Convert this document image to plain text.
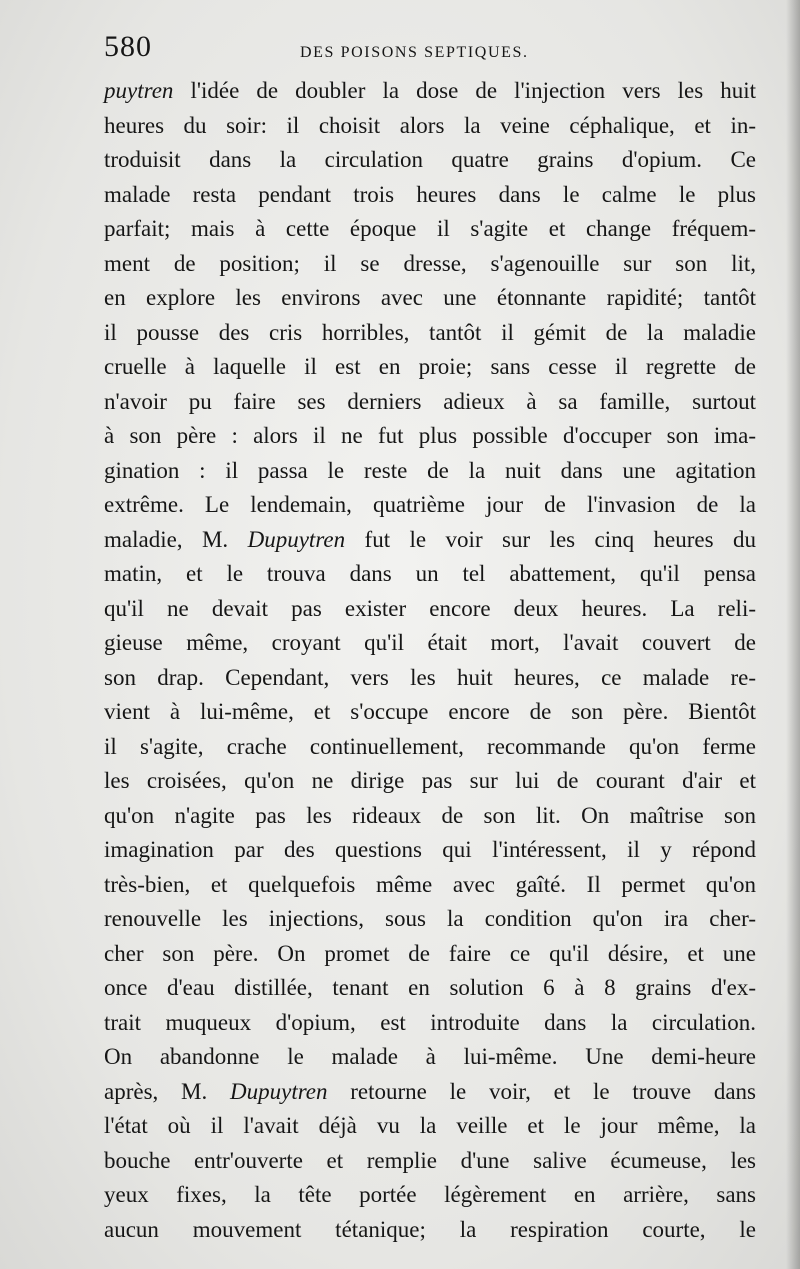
580	DES POISONS SEPTIQUES.
puytren l'idée de doubler la dose de l'injection vers les huit
heures du soir: il choisit alors la veine céphalique, et in-
troduisit dans la circulation quatre grains d'opium. Ce
malade resta pendant trois heures dans le calme le plus
parfait; mais à cette époque il s'agite et change fréquem-
ment de position; il se dresse, s'agenouille sur son lit,
en explore les environs avec une étonnante rapidité; tantôt
il pousse des cris horribles, tantôt il gémit de la maladie
cruelle à laquelle il est en proie; sans cesse il regrette de
n'avoir pu faire ses derniers adieux à sa famille, surtout
à son père : alors il ne fut plus possible d'occuper son ima-
gination : il passa le reste de la nuit dans une agitation
extrême. Le lendemain, quatrième jour de l'invasion de la
maladie, M. Dupuytren fut le voir sur les cinq heures du
matin, et le trouva dans un tel abattement, qu'il pensa
qu'il ne devait pas exister encore deux heures. La reli-
gieuse même, croyant qu'il était mort, l'avait couvert de
son drap. Cependant, vers les huit heures, ce malade re-
vient à lui-même, et s'occupe encore de son père. Bientôt
il s'agite, crache continuellement, recommande qu'on ferme
les croisées, qu'on ne dirige pas sur lui de courant d'air et
qu'on n'agite pas les rideaux de son lit. On maîtrise son
imagination par des questions qui l'intéressent, il y répond
très-bien, et quelquefois même avec gaîté. Il permet qu'on
renouvelle les injections, sous la condition qu'on ira cher-
cher son père. On promet de faire ce qu'il désire, et une
once d'eau distillée, tenant en solution 6 à 8 grains d'ex-
trait muqueux d'opium, est introduite dans la circulation.
On abandonne le malade à lui-même. Une demi-heure
après, M. Dupuytren retourne le voir, et le trouve dans
l'état où il l'avait déjà vu la veille et le jour même, la
bouche entr'ouverte et remplie d'une salive écumeuse, les
yeux fixes, la tête portée légèrement en arrière, sans
aucun mouvement tétanique; la respiration courte, le
